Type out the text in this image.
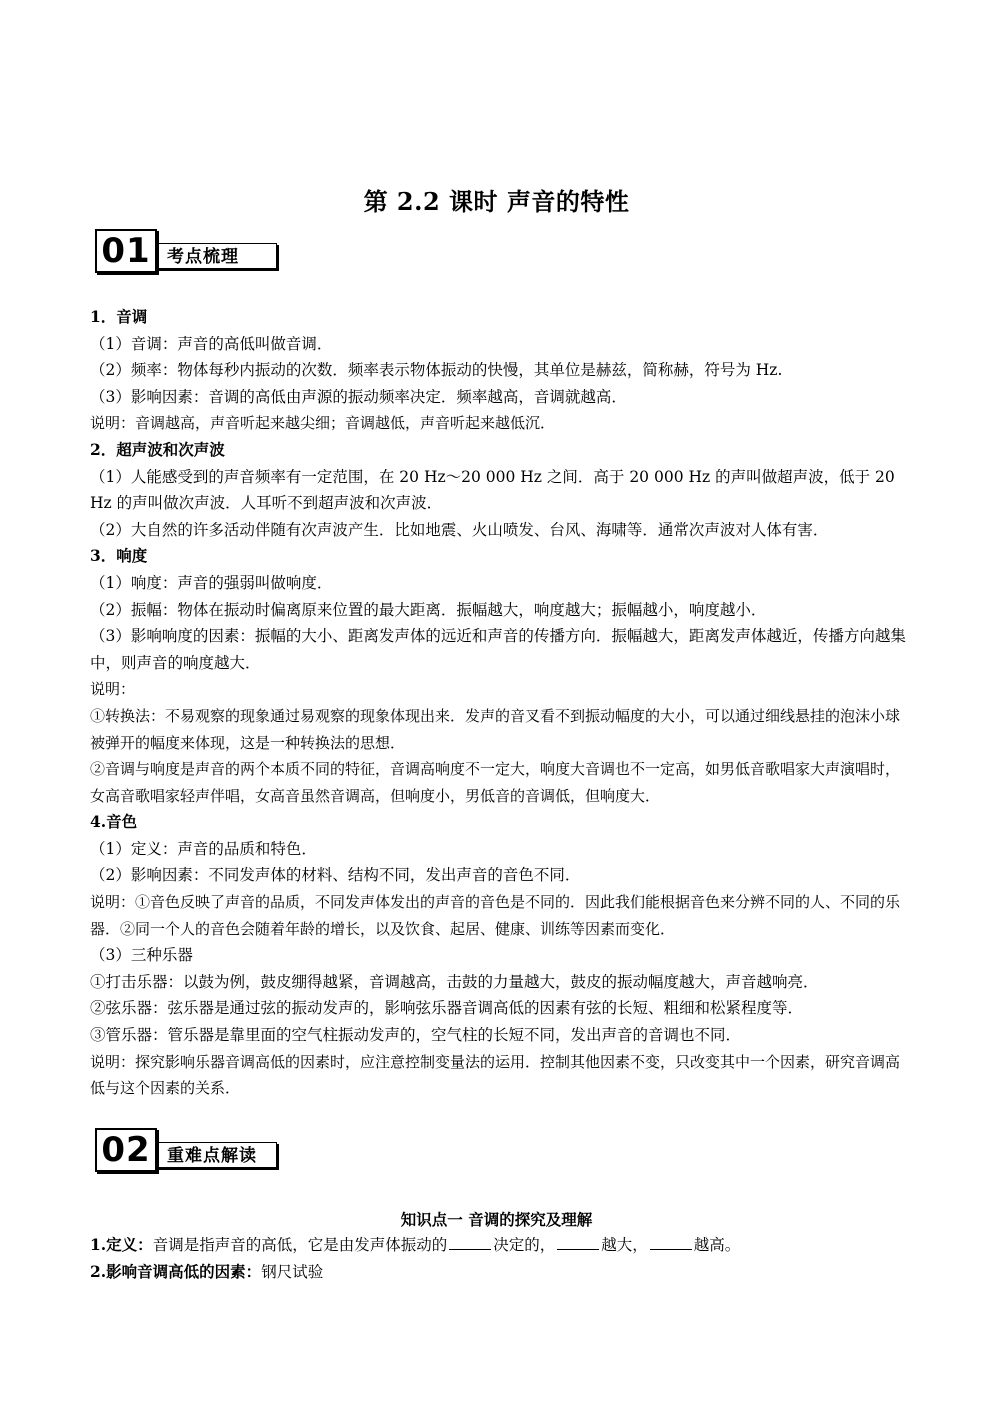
第 2.2 课时 声音的特性
01 考点梳理
1．音调
（1）音调：声音的高低叫做音调．
（2）频率：物体每秒内振动的次数．频率表示物体振动的快慢，其单位是赫兹，简称赫，符号为 Hz.
（3）影响因素：音调的高低由声源的振动频率决定．频率越高，音调就越高．
说明：音调越高，声音听起来越尖细；音调越低，声音听起来越低沉．
2．超声波和次声波
（1）人能感受到的声音频率有一定范围，在 20 Hz～20 000 Hz 之间．高于 20 000 Hz 的声叫做超声波，低于 20 Hz 的声叫做次声波．人耳听不到超声波和次声波．
（2）大自然的许多活动伴随有次声波产生．比如地震、火山喷发、台风、海啸等．通常次声波对人体有害．
3．响度
（1）响度：声音的强弱叫做响度．
（2）振幅：物体在振动时偏离原来位置的最大距离．振幅越大，响度越大；振幅越小，响度越小．
（3）影响响度的因素：振幅的大小、距离发声体的远近和声音的传播方向．振幅越大，距离发声体越近，传播方向越集中，则声音的响度越大．
说明：
①转换法：不易观察的现象通过易观察的现象体现出来．发声的音叉看不到振动幅度的大小，可以通过细线悬挂的泡沫小球被弹开的幅度来体现，这是一种转换法的思想．
②音调与响度是声音的两个本质不同的特征，音调高响度不一定大，响度大音调也不一定高，如男低音歌唱家大声演唱时，女高音歌唱家轻声伴唱，女高音虽然音调高，但响度小，男低音的音调低，但响度大．
4.音色
（1）定义：声音的品质和特色．
（2）影响因素：不同发声体的材料、结构不同，发出声音的音色不同．
说明：①音色反映了声音的品质，不同发声体发出的声音的音色是不同的．因此我们能根据音色来分辨不同的人、不同的乐器．②同一个人的音色会随着年龄的增长，以及饮食、起居、健康、训练等因素而变化．
（3）三种乐器
①打击乐器：以鼓为例，鼓皮绷得越紧，音调越高，击鼓的力量越大，鼓皮的振动幅度越大，声音越响亮．
②弦乐器：弦乐器是通过弦的振动发声的，影响弦乐器音调高低的因素有弦的长短、粗细和松紧程度等．
③管乐器：管乐器是靠里面的空气柱振动发声的，空气柱的长短不同，发出声音的音调也不同．
说明：探究影响乐器音调高低的因素时，应注意控制变量法的运用．控制其他因素不变，只改变其中一个因素，研究音调高低与这个因素的关系．
02 重难点解读
知识点一 音调的探究及理解
1.定义：音调是指声音的高低，它是由发声体振动的	决定的，	越大，	越高。
2.影响音调高低的因素：钢尺试验
